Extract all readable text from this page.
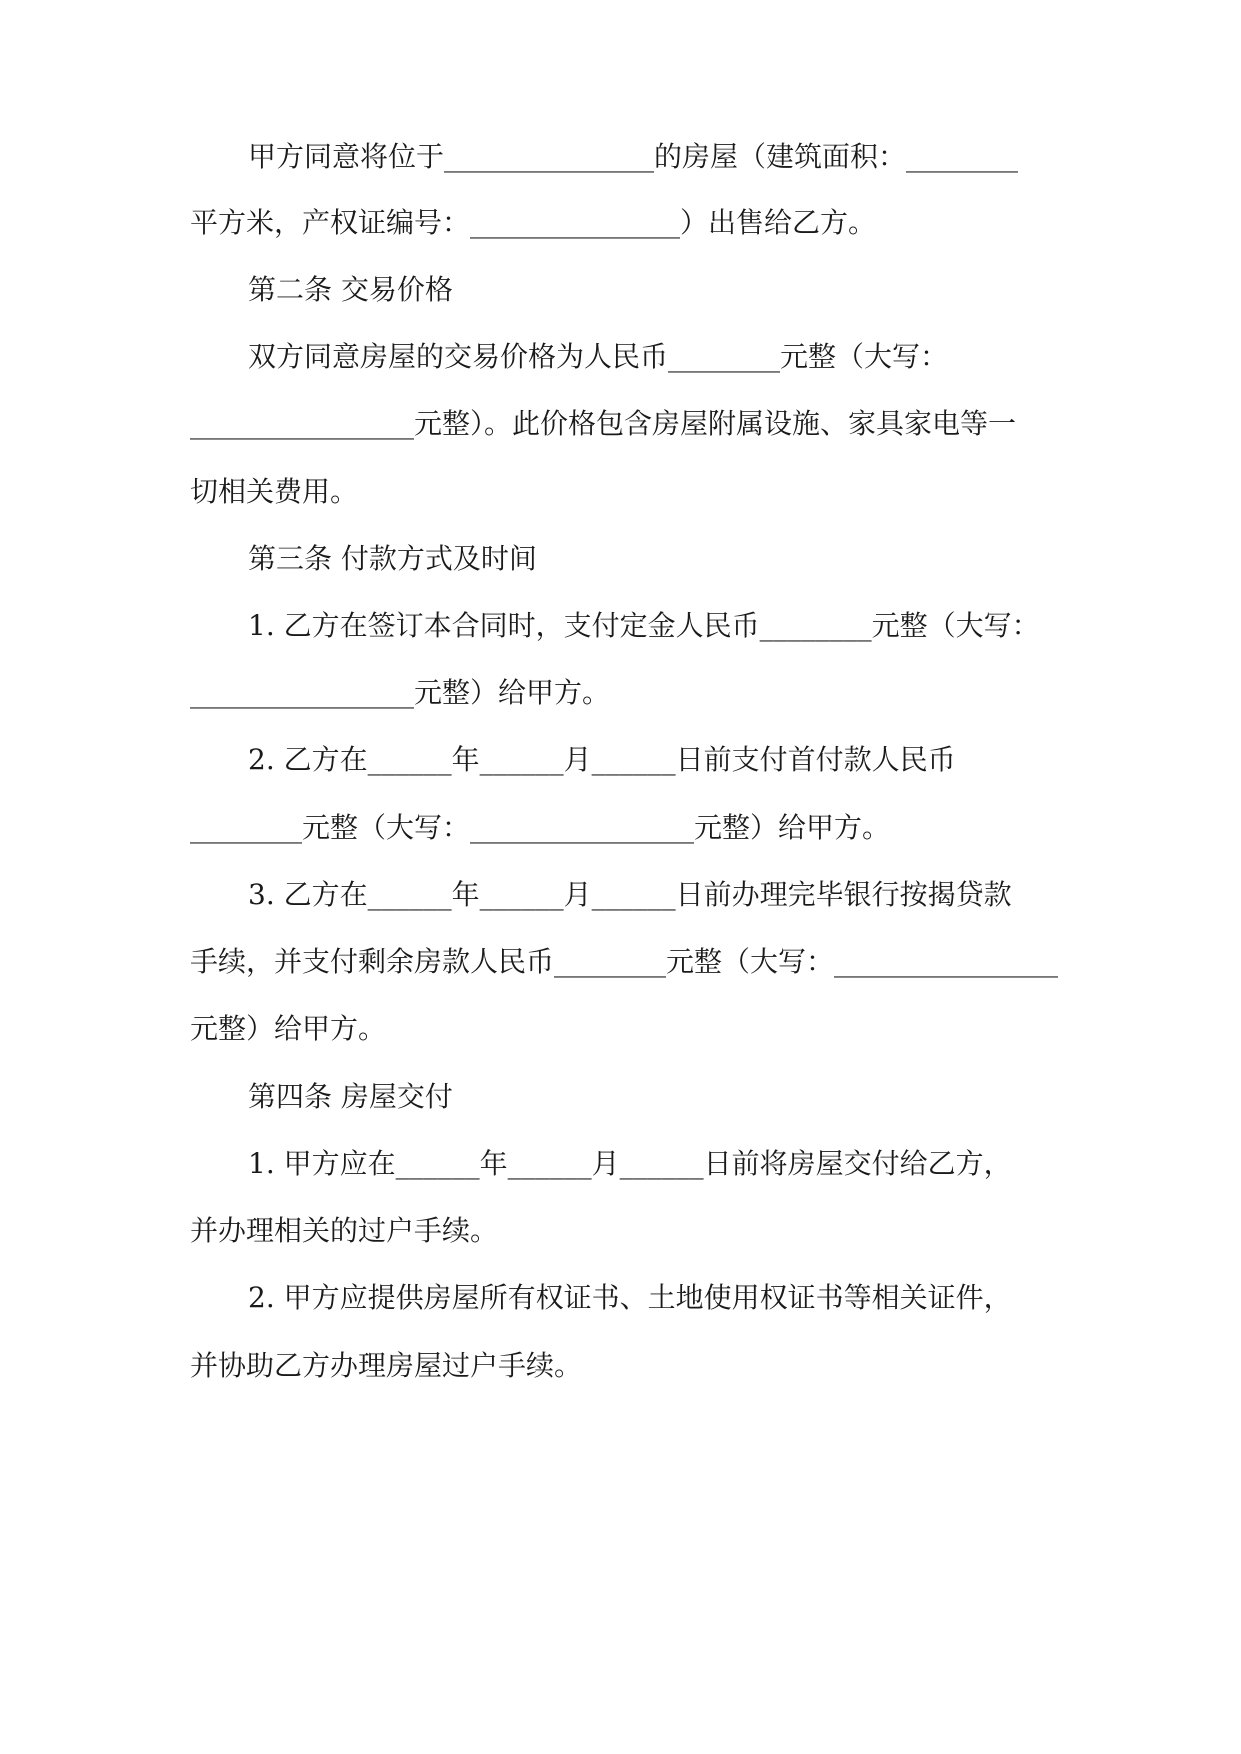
甲方同意将位于_______________的房屋（建筑面积：________
平方米，产权证编号：_______________）出售给乙方。
第二条 交易价格
双方同意房屋的交易价格为人民币________元整（大写：
________________元整）。此价格包含房屋附属设施、家具家电等一
切相关费用。
第三条 付款方式及时间
1. 乙方在签订本合同时，支付定金人民币________元整（大写：
________________元整）给甲方。
2. 乙方在______年______月______日前支付首付款人民币
________元整（大写：________________元整）给甲方。
3. 乙方在______年______月______日前办理完毕银行按揭贷款
手续，并支付剩余房款人民币________元整（大写：________________
元整）给甲方。
第四条 房屋交付
1. 甲方应在______年______月______日前将房屋交付给乙方，
并办理相关的过户手续。
2. 甲方应提供房屋所有权证书、土地使用权证书等相关证件，
并协助乙方办理房屋过户手续。
